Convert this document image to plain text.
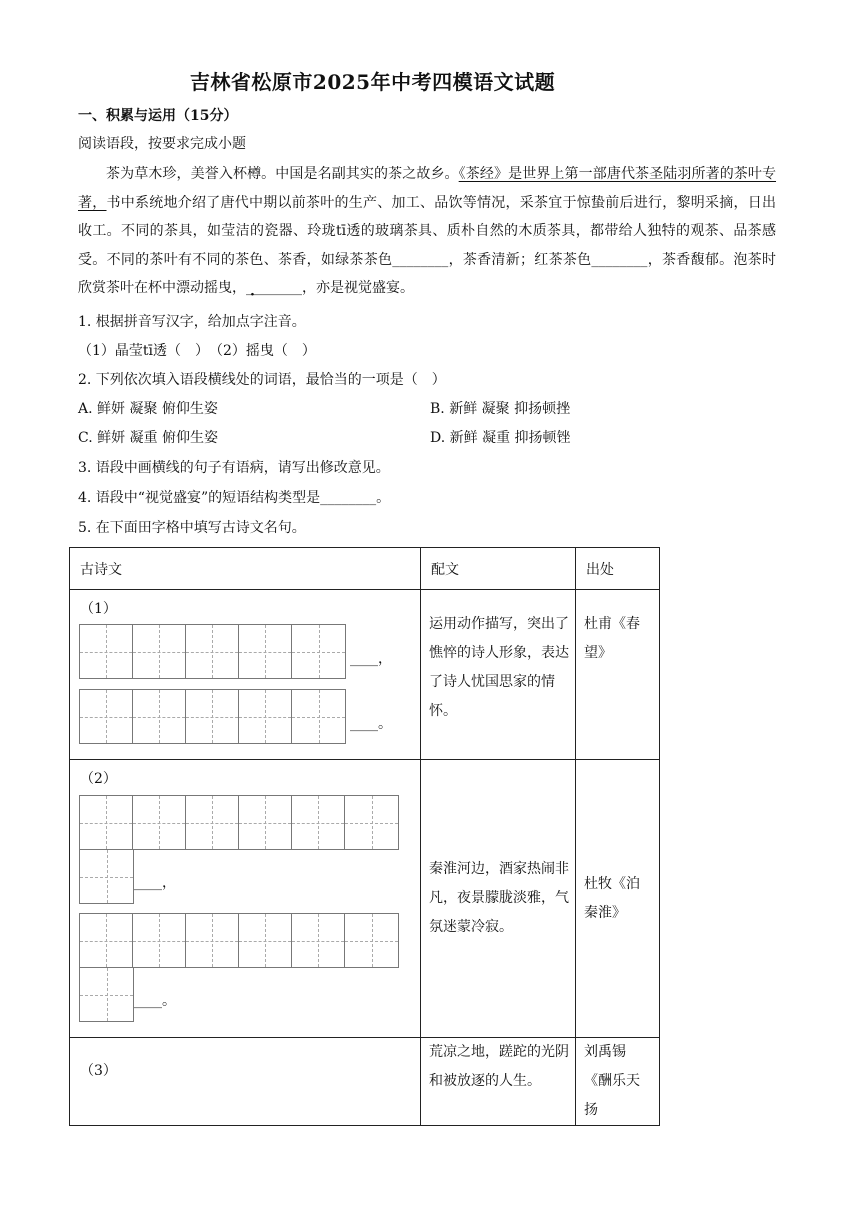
吉林省松原市2025年中考四模语文试题
一、积累与运用（15分）
阅读语段，按要求完成小题
茶为草木珍，美誉入杯樽。中国是名副其实的茶之故乡。《茶经》是世界上第一部唐代茶圣陆羽所著的茶叶专著，书中系统地介绍了唐代中期以前茶叶的生产、加工、品饮等情况，采茶宜于惊蛰前后进行，黎明采摘，日出收工。不同的茶具，如莹洁的瓷器、玲珑tī透的玻璃茶具、质朴自然的木质茶具，都带给人独特的观茶、品茶感受。不同的茶叶有不同的茶色、茶香，如绿茶茶色________，茶香清新；红茶茶色________，茶香馥郁。泡茶时欣赏茶叶在杯中漂动摇曳 ·，________，亦是视觉盛宴。
1. 根据拼音写汉字，给加点字注音。
（1）晶莹tī透（　）　（2）摇曳（　）
2. 下列依次填入语段横线处的词语，最恰当的一项是（　）
A. 鲜妍 凝聚 俯仰生姿	B. 新鲜 凝聚 抑扬顿挫
C. 鲜妍 凝重 俯仰生姿	D. 新鲜 凝重 抑扬顿锉
3. 语段中画横线的句子有语病，请写出修改意见。
4. 语段中“视觉盛宴”的短语结构类型是________。
5. 在下面田字格中填写古诗文名句。
古诗文	配文	出处

（1）
____，
____。	运用动作描写，突出了憔悴的诗人形象，表达了诗人忧国思家的情怀。	杜甫《春望》

（2）
____，
____。	秦淮河边，酒家热闹非凡，夜景朦胧淡雅，气氛迷蒙冷寂。	杜牧《泊秦淮》

（3）	荒凉之地，蹉跎的光阴和被放逐的人生。	刘禹锡《酬乐天扬
